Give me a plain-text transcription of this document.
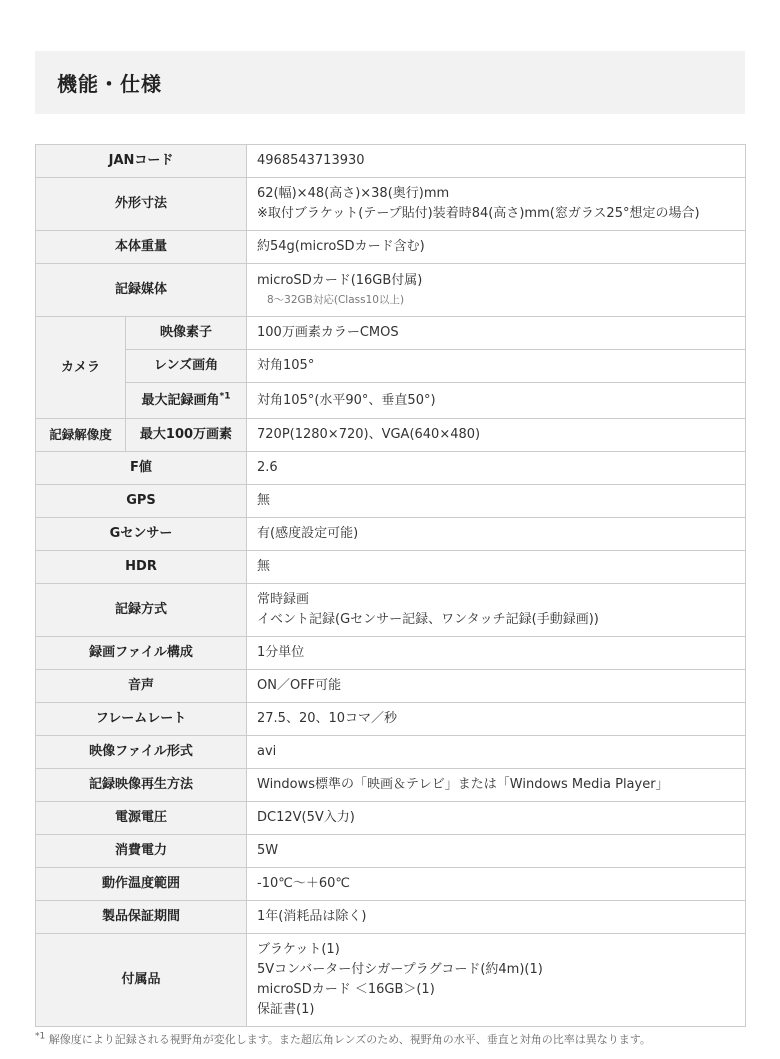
機能・仕様
JANコード		4968543713930
外形寸法		62(幅)×48(高さ)×38(奥行)mm
※取付ブラケット(テープ貼付)装着時84(高さ)mm(窓ガラス25°想定の場合)

本体重量		約54g(microSDカード含む)
記録媒体		microSDカード(16GB付属)
8～32GB対応(Class10以上)

カメラ	映像素子	100万画素カラーCMOS
	レンズ画角	対角105°
	最大記録画角$^{*1}$	対角105°(水平90°、垂直50°)
記録解像度	最大100万画素	720P(1280×720)、VGA(640×480)
F値		2.6
GPS		無
Gセンサー		有(感度設定可能)
HDR		無
記録方式		常時録画
イベント記録(Gセンサー記録、ワンタッチ記録(手動録画))

録画ファイル構成		1分単位
音声		ON／OFF可能
フレームレート		27.5、20、10コマ／秒
映像ファイル形式		avi
記録映像再生方法		Windows標準の「映画＆テレビ」または「Windows Media Player」
電源電圧		DC12V(5V入力)
消費電力		5W
動作温度範囲		-10℃～＋60℃
製品保証期間		1年(消耗品は除く)
付属品		ブラケット(1)
5Vコンバーター付シガープラグコード(約4m)(1)
microSDカード ＜16GB＞(1)
保証書(1)
$^{*1}$ 解像度により記録される視野角が変化します。また超広角レンズのため、視野角の水平、垂直と対角の比率は異なります。
